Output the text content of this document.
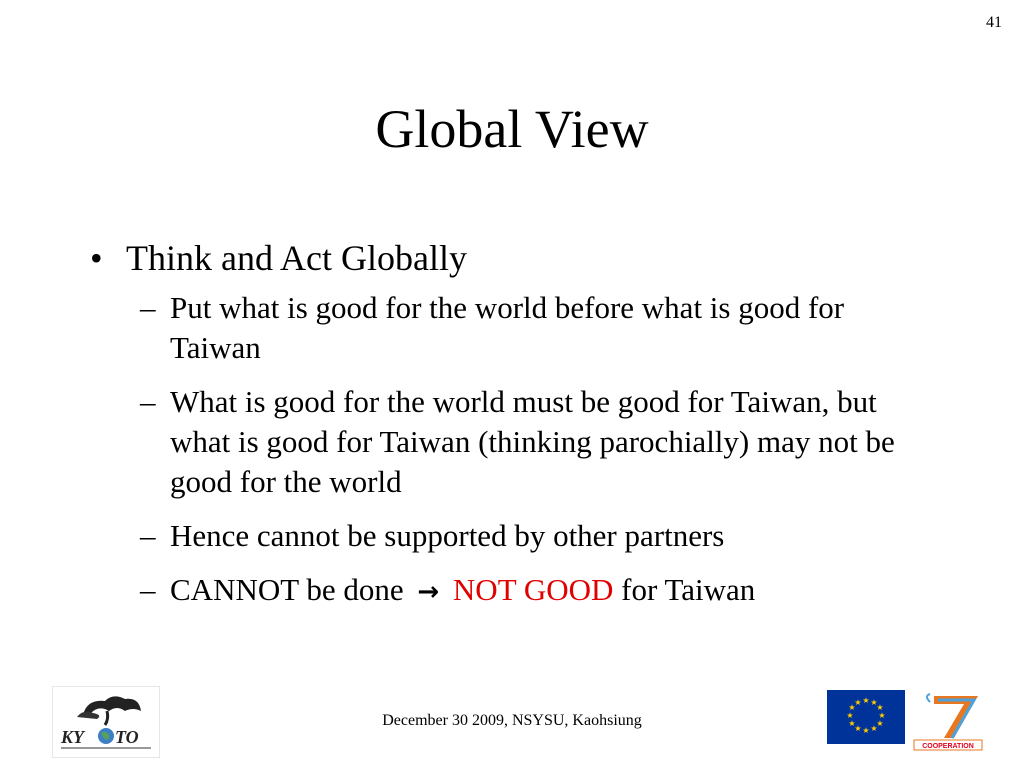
41
Global View
• Think and Act Globally
– Put what is good for the world before what is good for Taiwan
– What is good for the world must be good for Taiwan, but what is good for Taiwan (thinking parochially) may not be good for the world
– Hence cannot be supported by other partners
– CANNOT be done → NOT GOOD for Taiwan
December 30 2009, NSYSU, Kaohsiung
KY TO
★ ★
★
★
★
★
★
★
★
★
★
★
COOPERATION
